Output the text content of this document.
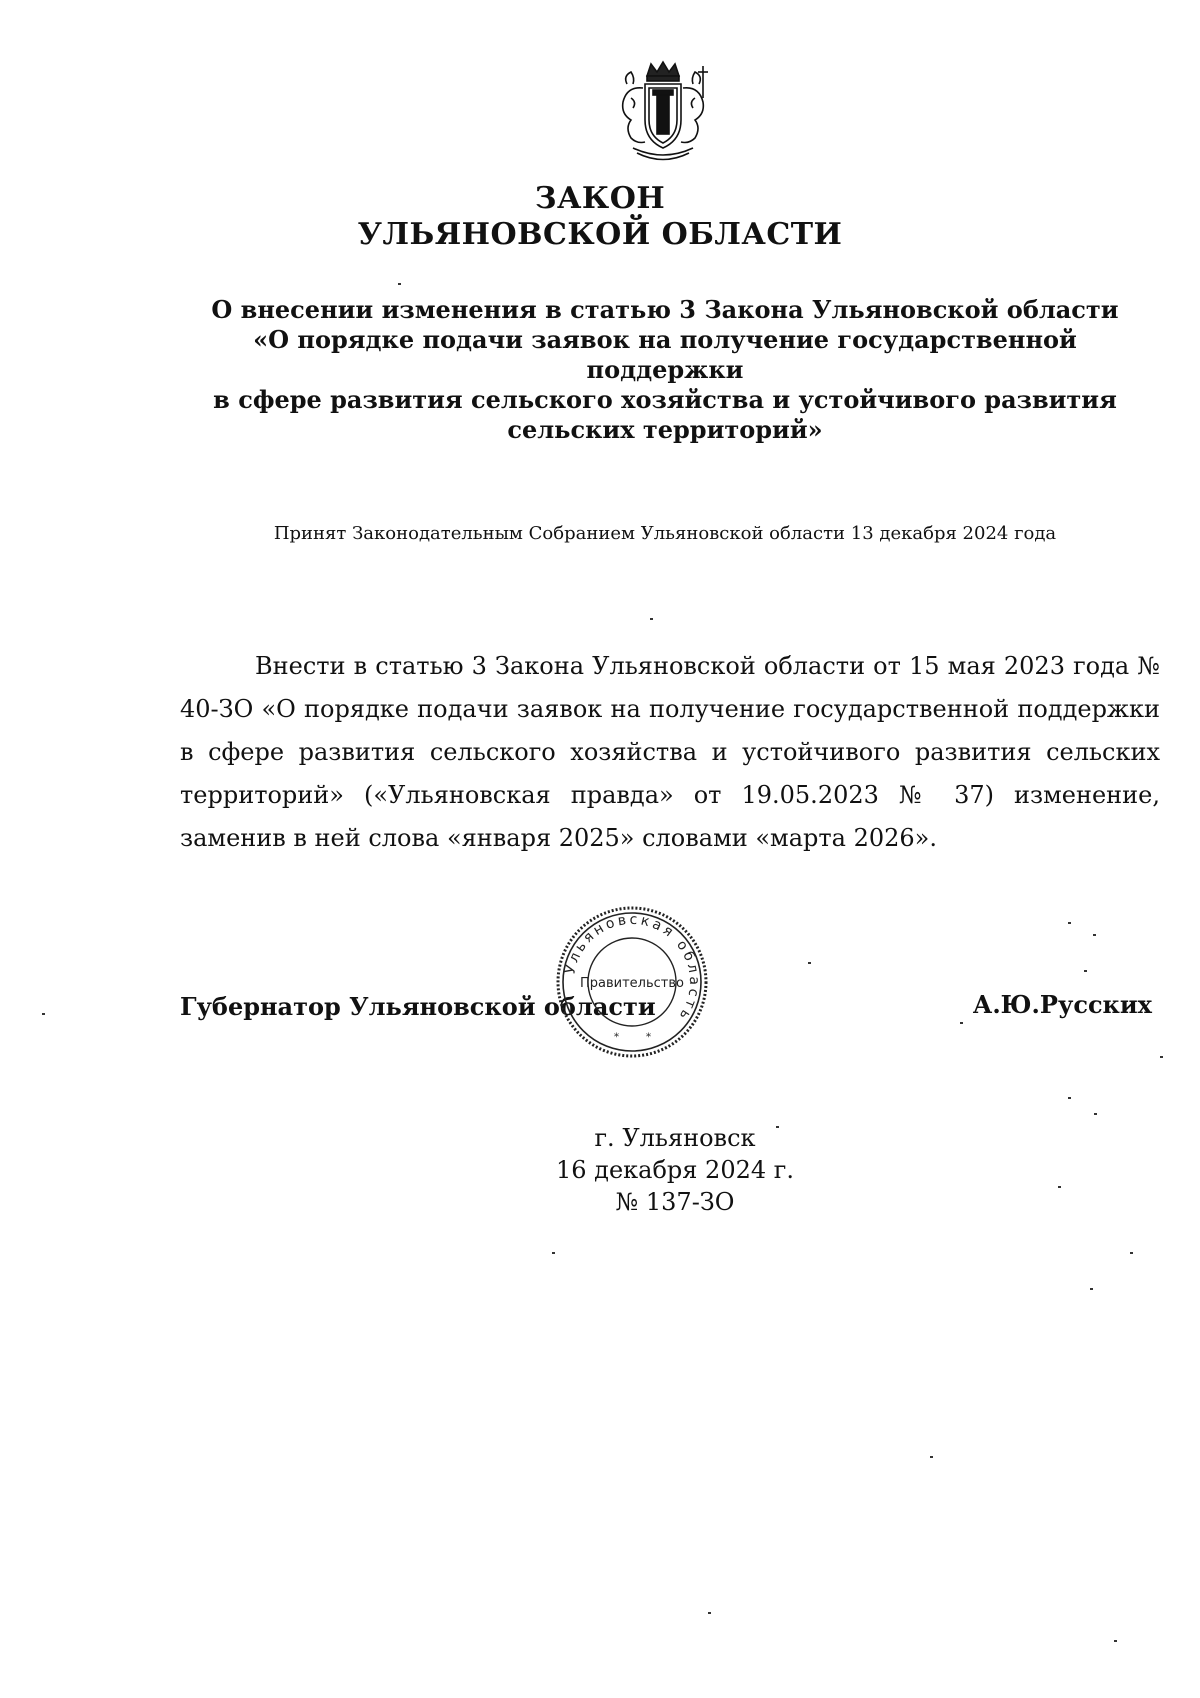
ЗАКОН
УЛЬЯНОВСКОЙ ОБЛАСТИ
О внесении изменения в статью 3 Закона Ульяновской области
«О порядке подачи заявок на получение государственной поддержки
в сфере развития сельского хозяйства и устойчивого развития
сельских территорий»
Принят Законодательным Собранием Ульяновской области 13 декабря 2024 года
Внести в статью 3 Закона Ульяновской области от 15 мая 2023 года № 40-ЗО «О порядке подачи заявок на получение государственной поддержки в сфере развития сельского хозяйства и устойчивого развития сельских территорий» («Ульяновская правда» от 19.05.2023 № 37) изменение, заменив в ней слова «января 2025» словами «марта 2026».
Губернатор Ульяновской области	А.Ю.Русских
Ульяновская область
Правительство
*	*
г. Ульяновск
16 декабря 2024 г.
№ 137-ЗО
